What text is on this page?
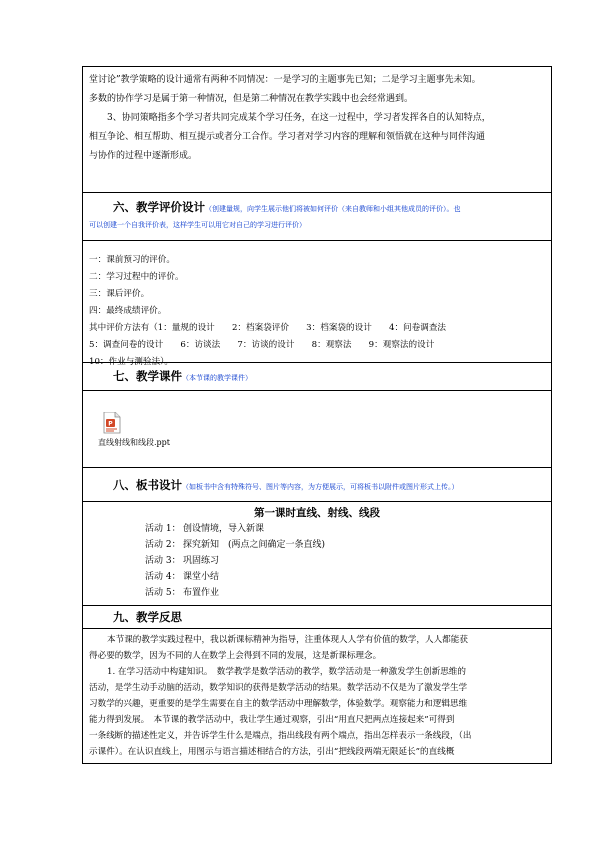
堂讨论”教学策略的设计通常有两种不同情况：一是学习的主题事先已知；二是学习主题事先未知。

多数的协作学习是属于第一种情况，但是第二种情况在教学实践中也会经常遇到。

3、协同策略指多个学习者共同完成某个学习任务，在这一过程中，学习者发挥各自的认知特点，

相互争论、相互帮助、相互提示或者分工合作。学习者对学习内容的理解和领悟就在这种与同伴沟通

与协作的过程中逐渐形成。

六、教学评价设计（创建量规，向学生展示他们将被如何评价（来自教师和小组其他成员的评价）。也

可以创建一个自我评价表，这样学生可以用它对自己的学习进行评价）

一：课前预习的评价。

二：学习过程中的评价。

三：课后评价。

四：最终成绩评价。

其中评价方法有（1：量规的设计　　2：档案袋评价　　3：档案袋的设计　　4：问卷调查法

5：调查问卷的设计　　6：访谈法　　7：访谈的设计　　8：观察法　　9：观察法的设计

10：作业与测验法）。

七、教学课件（本节课的教学课件）

P
直线射线和线段.ppt

八、板书设计（如板书中含有特殊符号、图片等内容，为方便展示，可将板书以附件或图片形式上传。）

第一课时直线、射线、线段

活动 1： 创设情境，导入新课

活动 2： 探究新知　(两点之间确定一条直线)

活动 3： 巩固练习

活动 4： 课堂小结

活动 5： 布置作业

九、教学反思

本节课的教学实践过程中，我以新课标精神为指导，注重体现人人学有价值的数学，人人都能获

得必要的数学，因为不同的人在数学上会得到不同的发展，这是新课标理念。

1. 在学习活动中构建知识。　数学教学是数学活动的教学，数学活动是一种激发学生创新思维的

活动，是学生动手动脑的活动，数学知识的获得是数学活动的结果。数学活动不仅是为了激发学生学

习数学的兴趣，更重要的是学生需要在自主的数学活动中理解数学，体验数学。观察能力和逻辑思维

能力得到发展。　本节课的教学活动中，我让学生通过观察，引出“用直尺把两点连接起来”可得到

一条线断的描述性定义，并告诉学生什么是端点，指出线段有两个端点，指出怎样表示一条线段，（出

示课件）。在认识直线上，用图示与语言描述相结合的方法，引出“把线段两端无限延长”的直线概
